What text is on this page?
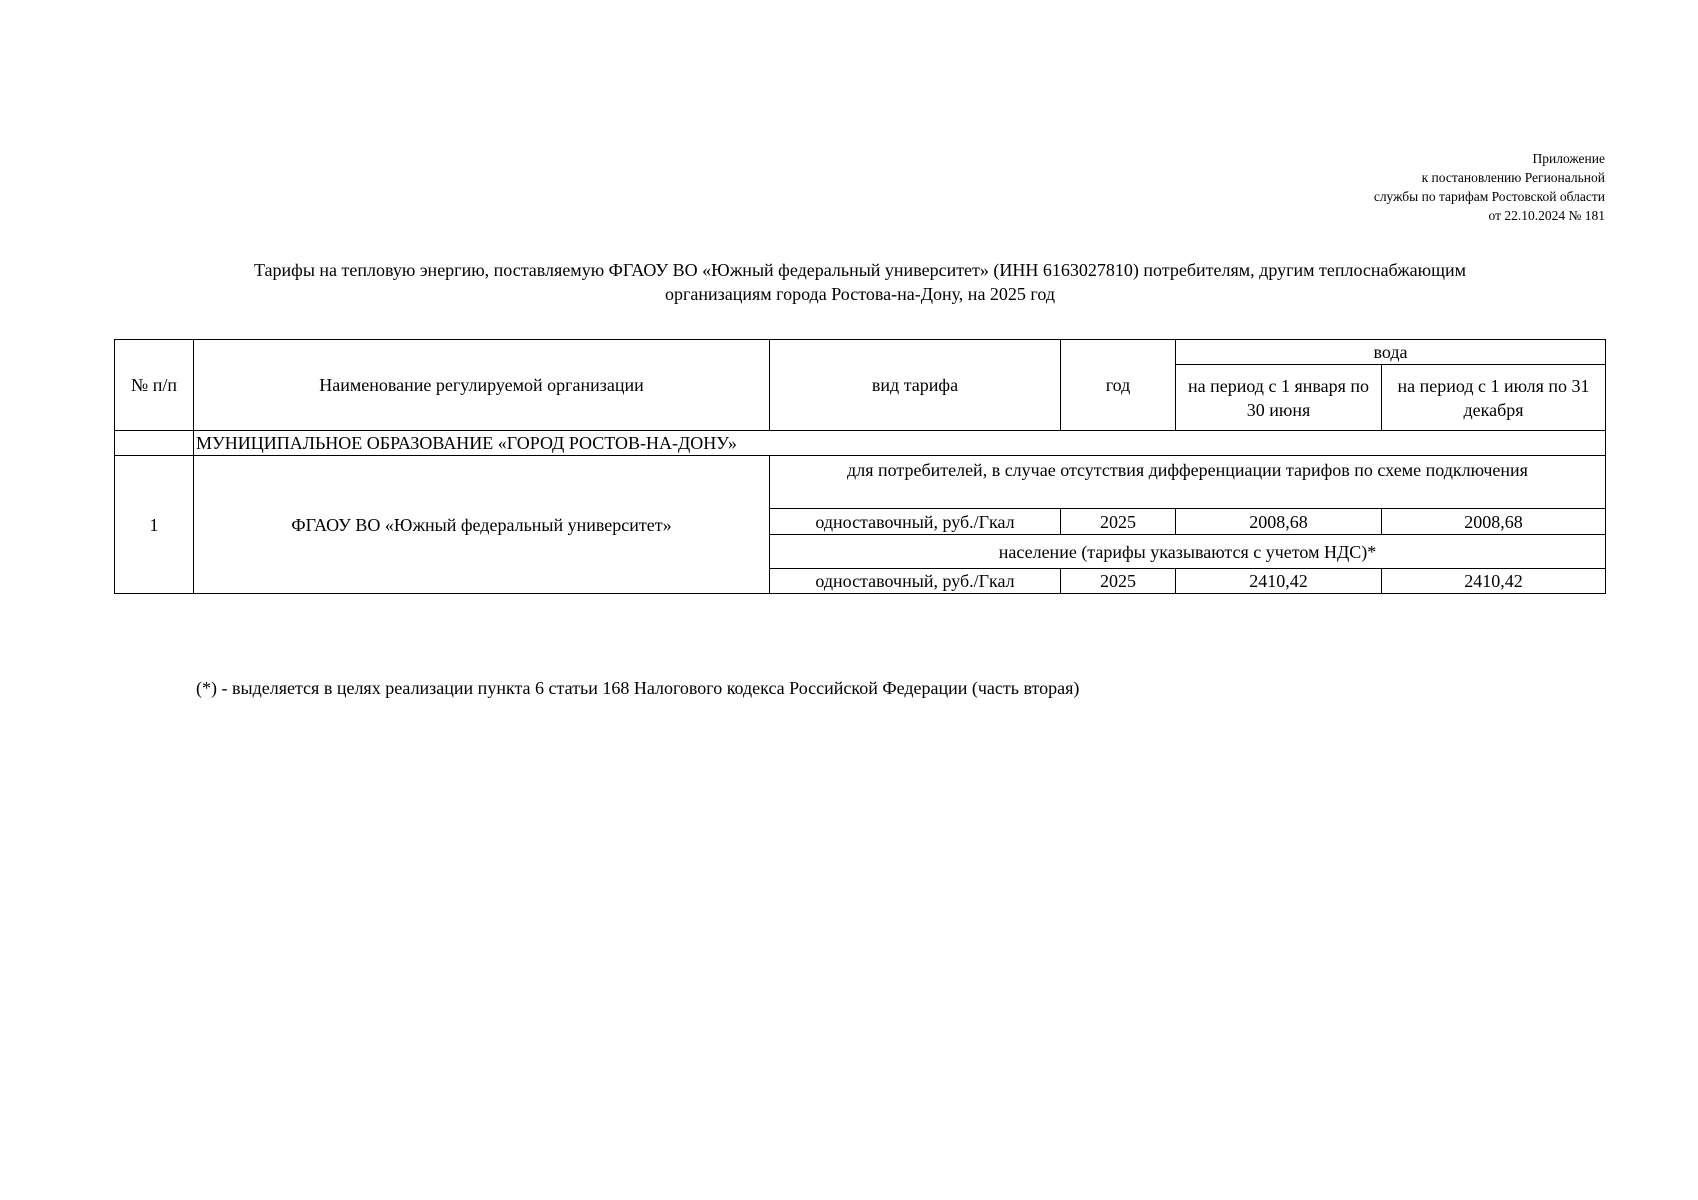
Приложение
к постановлению Региональной
службы по тарифам Ростовской области
от 22.10.2024 № 181
Тарифы на тепловую энергию, поставляемую ФГАОУ ВО «Южный федеральный университет» (ИНН 6163027810) потребителям, другим теплоснабжающим
организациям города Ростова-на-Дону, на 2025 год
№ п/п	Наименование регулируемой организации	вид тарифа	год	вода	
				на период с 1 января по 30 июня	на период с 1 июля по 31 декабря
	МУНИЦИПАЛЬНОЕ ОБРАЗОВАНИЕ «ГОРОД РОСТОВ-НА-ДОНУ»				
1	ФГАОУ ВО «Южный федеральный университет»	для потребителей, в случае отсутствия дифференциации тарифов по схеме подключения			
		одноставочный, руб./Гкал	2025	2008,68	2008,68
		население (тарифы указываются с учетом НДС)*			
		одноставочный, руб./Гкал	2025	2410,42	2410,42
(*) - выделяется в целях реализации пункта 6 статьи 168 Налогового кодекса Российской Федерации (часть вторая)
